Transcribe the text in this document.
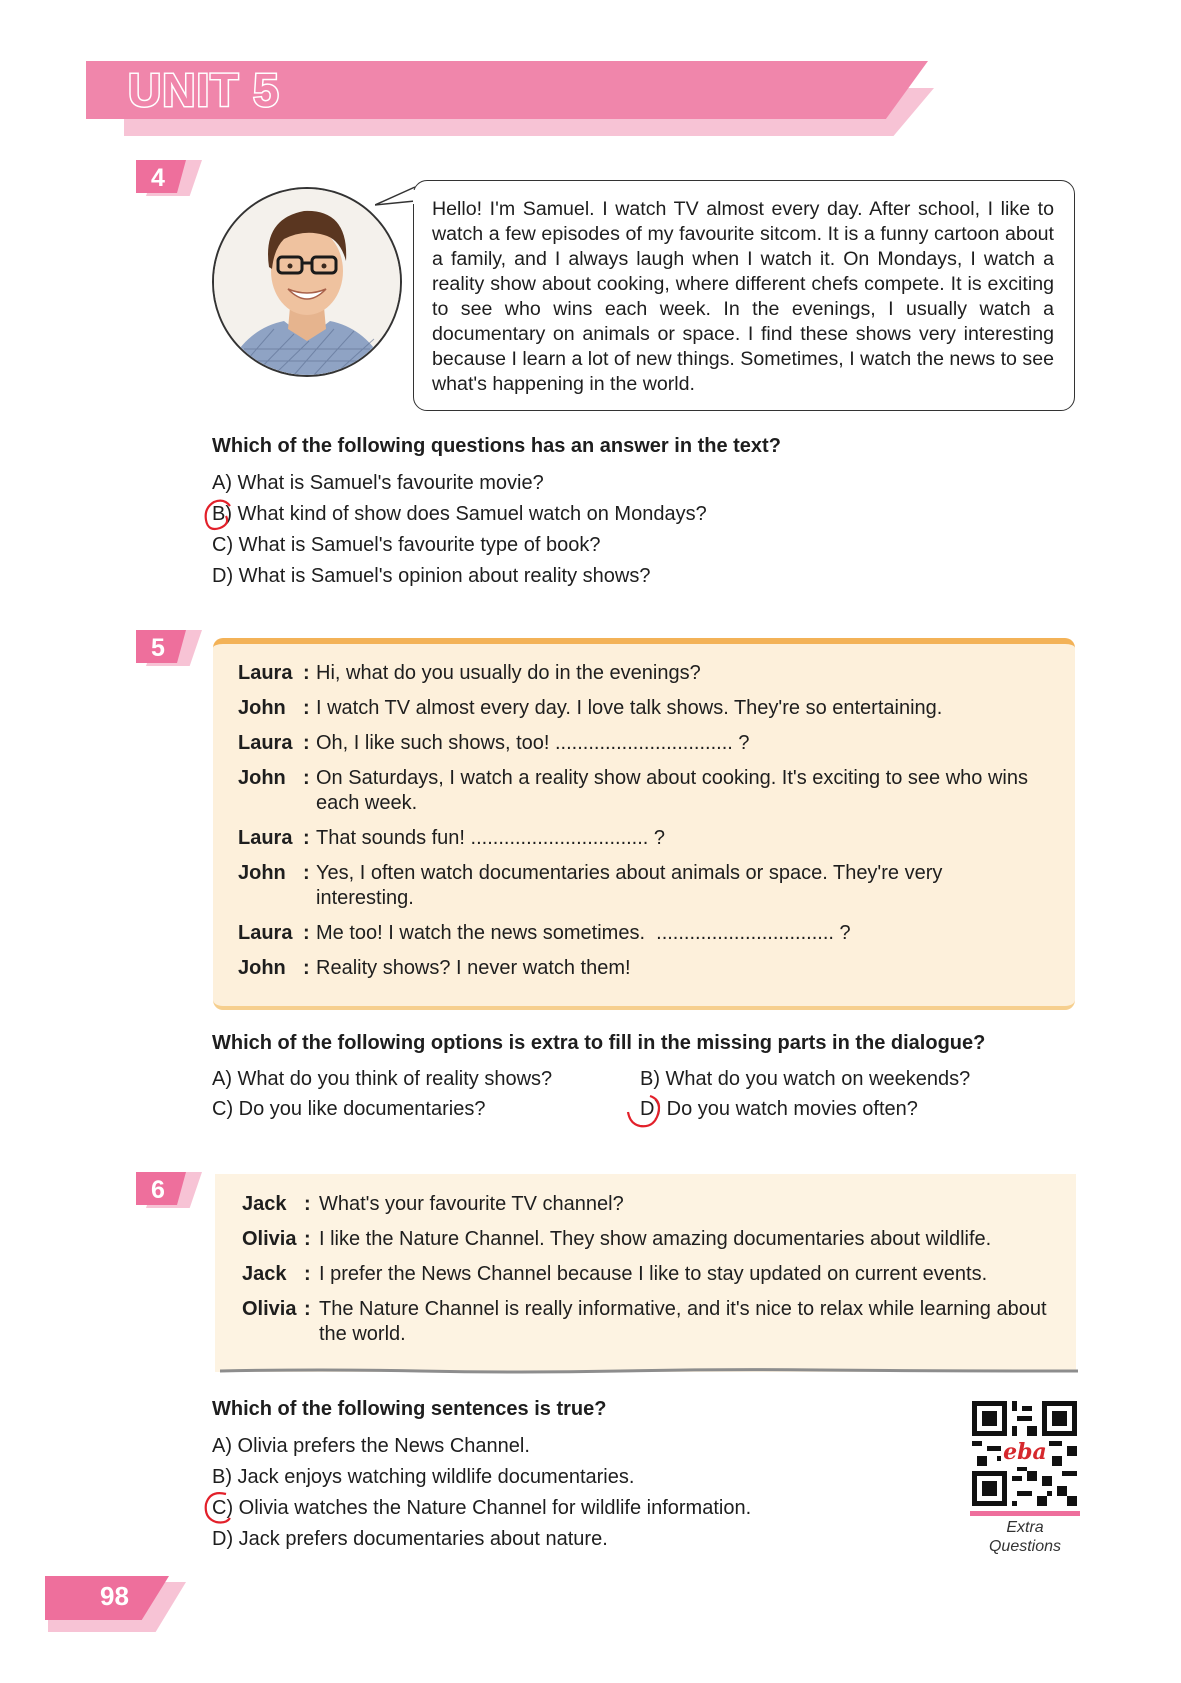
UNIT 5
4

Hello! I'm Samuel. I watch TV almost every day. After school, I like to watch a few episodes of my favourite sitcom. It is a funny cartoon about a family, and I always laugh when I watch it. On Mondays, I watch a reality show about cooking, where different chefs compete. It is exciting to see who wins each week. In the evenings, I usually watch a documentary on animals or space. I find these shows very interesting because I learn a lot of new things. Sometimes, I watch the news to see what's happening in the world.

Which of the following questions has an answer in the text?
A) What is Samuel's favourite movie?
B) What kind of show does Samuel watch on Mondays?
C) What is Samuel's favourite type of book?
D) What is Samuel's opinion about reality shows?
5
Laura : Hi, what do you usually do in the evenings?
John : I watch TV almost every day. I love talk shows. They're so entertaining.
Laura : Oh, I like such shows, too! ................................ ?
John : On Saturdays, I watch a reality show about cooking. It's exciting to see who wins each week.
Laura : That sounds fun! ................................ ?
John : Yes, I often watch documentaries about animals or space. They're very interesting.
Laura : Me too! I watch the news sometimes.  ................................ ?
John : Reality shows? I never watch them!
Which of the following options is extra to fill in the missing parts in the dialogue?
A) What do you think of reality shows?	B) What do you watch on weekends?
C) Do you like documentaries?	D) Do you watch movies often?
6
Jack : What's your favourite TV channel?
Olivia : I like the Nature Channel. They show amazing documentaries about wildlife.
Jack : I prefer the News Channel because I like to stay updated on current events.
Olivia : The Nature Channel is really informative, and it's nice to relax while learning about the world.
Which of the following sentences is true?
A) Olivia prefers the News Channel.
B) Jack enjoys watching wildlife documentaries.
C) Olivia watches the Nature Channel for wildlife information.
D) Jack prefers documentaries about nature.
eba
Extra
Questions
98
